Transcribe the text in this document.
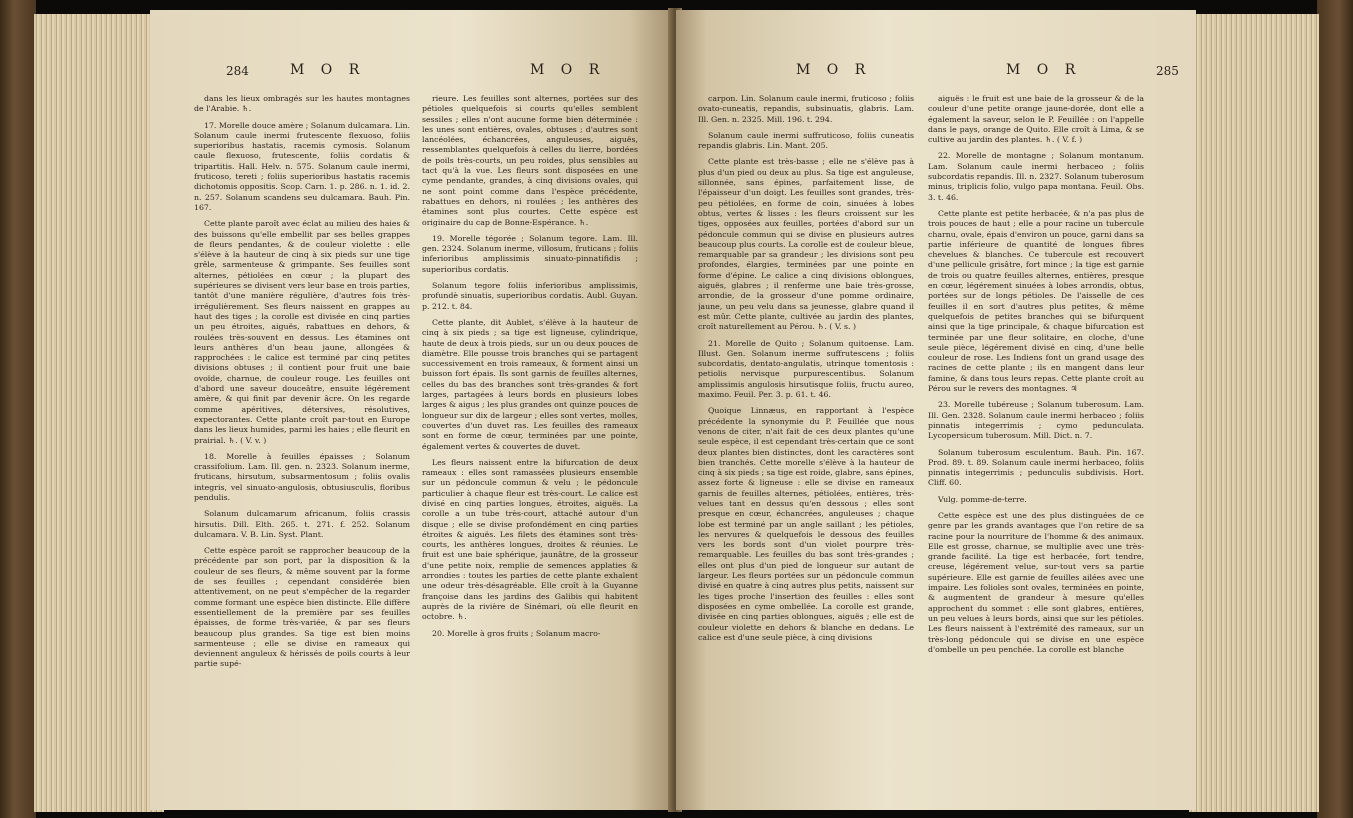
284	M O R	M O R

dans les lieux ombragés sur les hautes montagnes de l'Arabie. ♄.

17. Morelle douce amère ; Solanum dulcamara. Lin. Solanum caule inermi frutescente flexuoso, foliis superioribus hastatis, racemis cymosis. Solanum caule flexuoso, frutescente, foliis cordatis & tripartitis. Hall. Helv. n. 575. Solanum caule inermi, fruticoso, tereti ; foliis superioribus hastatis racemis dichotomis oppositis. Scop. Carn. 1. p. 286. n. 1. id. 2. n. 257. Solanum scandens seu dulcamara. Bauh. Pin. 167.

Cette plante paroît avec éclat au milieu des haies & des buissons qu'elle embellit par ses belles grappes de fleurs pendantes, & de couleur violette : elle s'élève à la hauteur de cinq à six pieds sur une tige grêle, sarmenteuse & grimpante. Ses feuilles sont alternes, pétiolées en cœur ; la plupart des supérieures se divisent vers leur base en trois parties, tantôt d'une manière régulière, d'autres fois très-irrégulièrement. Ses fleurs naissent en grappes au haut des tiges ; la corolle est divisée en cinq parties un peu étroites, aiguës, rabattues en dehors, & roulées très-souvent en dessus. Les étamines ont leurs anthères d'un beau jaune, allongées & rapprochées : le calice est terminé par cinq petites divisions obtuses ; il contient pour fruit une baie ovoïde, charnue, de couleur rouge. Les feuilles ont d'abord une saveur douceâtre, ensuite légérement amère, & qui finit par devenir âcre. On les regarde comme apéritives, détersives, résolutives, expectorantes. Cette plante croît par-tout en Europe dans les lieux humides, parmi les haies ; elle fleurit en prairial. ♄. ( V. v. )

18. Morelle à feuilles épaisses ; Solanum crassifolium. Lam. Ill. gen. n. 2323. Solanum inerme, fruticans, hirsutum, subsarmentosum ; foliis ovalis integris, vel sinuato-angulosis, obtusiusculis, floribus pendulis.

Solanum dulcamarum africanum, foliis crassis hirsutis. Dill. Elth. 265. t. 271. f. 252. Solanum dulcamara. V. B. Lin. Syst. Plant.

Cette espèce paroît se rapprocher beaucoup de la précédente par son port, par la disposition & la couleur de ses fleurs, & même souvent par la forme de ses feuilles ; cependant considérée bien attentivement, on ne peut s'empêcher de la regarder comme formant une espèce bien distincte. Elle diffère essentiellement de la première par ses feuilles épaisses, de forme très-variée, & par ses fleurs beaucoup plus grandes. Sa tige est bien moins sarmenteuse ; elle se divise en rameaux qui deviennent anguleux & hérissés de poils courts à leur partie supé-

rieure. Les feuilles sont alternes, portées sur des pétioles quelquefois si courts qu'elles semblent sessiles ; elles n'ont aucune forme bien déterminée : les unes sont entières, ovales, obtuses ; d'autres sont lancéolées, échancrées, anguleuses, aiguës, ressemblantes quelquefois à celles du lierre, bordées de poils très-courts, un peu roides, plus sensibles au tact qu'à la vue. Les fleurs sont disposées en une cyme pendante, grandes, à cinq divisions ovales, qui ne sont point comme dans l'espèce précédente, rabattues en dehors, ni roulées ; les anthères des étamines sont plus courtes. Cette espèce est originaire du cap de Bonne-Espérance. ♄.

19. Morelle tégorée ; Solanum tegore. Lam. Ill. gen. 2324. Solanum inerme, villosum, fruticans ; foliis inferioribus amplissimis sinuato-pinnatifidis ; superioribus cordatis.

Solanum tegore foliis inferioribus amplissimis, profundè sinuatis, superioribus cordatis. Aubl. Guyan. p. 212. t. 84.

Cette plante, dit Aublet, s'élève à la hauteur de cinq à six pieds ; sa tige est ligneuse, cylindrique, haute de deux à trois pieds, sur un ou deux pouces de diamètre. Elle pousse trois branches qui se partagent successivement en trois rameaux, & forment ainsi un buisson fort épais. Ils sont garnis de feuilles alternes, celles du bas des branches sont très-grandes & fort larges, partagées à leurs bords en plusieurs lobes larges & aigus ; les plus grandes ont quinze pouces de longueur sur dix de largeur ; elles sont vertes, molles, couvertes d'un duvet ras. Les feuilles des rameaux sont en forme de cœur, terminées par une pointe, également vertes & couvertes de duvet.

Les fleurs naissent entre la bifurcation de deux rameaux : elles sont ramassées plusieurs ensemble sur un pédoncule commun & velu ; le pédoncule particulier à chaque fleur est très-court. Le calice est divisé en cinq parties longues, étroites, aiguës. La corolle a un tube très-court, attaché autour d'un disque ; elle se divise profondément en cinq parties étroites & aiguës. Les filets des étamines sont très-courts, les anthères longues, droites & réunies. Le fruit est une baie sphérique, jaunâtre, de la grosseur d'une petite noix, remplie de semences applaties & arrondies : toutes les parties de cette plante exhalent une odeur très-désagréable. Elle croît à la Guyanne françoise dans les jardins des Galibis qui habitent auprès de la rivière de Sinémari, où elle fleurit en octobre. ♄.

20. Morelle à gros fruits ; Solanum macro-

M O R	M O R	285

carpon. Lin. Solanum caule inermi, fruticoso ; foliis ovato-cuneatis, repandis, subsinuatis, glabris. Lam. Ill. Gen. n. 2325. Mill. 196. t. 294.

Solanum caule inermi suffruticoso, foliis cuneatis repandis glabris. Lin. Mant. 205.

Cette plante est très-basse ; elle ne s'élève pas à plus d'un pied ou deux au plus. Sa tige est anguleuse, sillonnée, sans épines, parfaitement lisse, de l'épaisseur d'un doigt. Les feuilles sont grandes, très-peu pétiolées, en forme de coin, sinuées à lobes obtus, vertes & lisses : les fleurs croissent sur les tiges, opposées aux feuilles, portées d'abord sur un pédoncule commun qui se divise en plusieurs autres beaucoup plus courts. La corolle est de couleur bleue, remarquable par sa grandeur ; les divisions sont peu profondes, élargies, terminées par une pointe en forme d'épine. Le calice a cinq divisions oblongues, aiguës, glabres ; il renferme une baie très-grosse, arrondie, de la grosseur d'une pomme ordinaire, jaune, un peu velu dans sa jeunesse, glabre quand il est mûr. Cette plante, cultivée au jardin des plantes, croît naturellement au Pérou. ♄. ( V. s. )

21. Morelle de Quito ; Solanum quitoense. Lam. Illust. Gen. Solanum inerme suffrutescens ; foliis subcordatis, dentato-angulatis, utrinque tomentosis : petiolis nervisque purpurescentibus. Solanum amplissimis angulosis hirsutisque foliis, fructu aureo, maximo. Feuil. Per. 3. p. 61. t. 46.

Quoique Linnæus, en rapportant à l'espèce précédente la synonymie du P. Feuillée que nous venons de citer, n'ait fait de ces deux plantes qu'une seule espèce, il est cependant très-certain que ce sont deux plantes bien distinctes, dont les caractères sont bien tranchés. Cette morelle s'élève à la hauteur de cinq à six pieds ; sa tige est roide, glabre, sans épines, assez forte & ligneuse : elle se divise en rameaux garnis de feuilles alternes, pétiolées, entières, très-velues tant en dessus qu'en dessous ; elles sont presque en cœur, échancrées, anguleuses ; chaque lobe est terminé par un angle saillant ; les pétioles, les nervures & quelquefois le dessous des feuilles vers les bords sont d'un violet pourpre très-remarquable. Les feuilles du bas sont très-grandes ; elles ont plus d'un pied de longueur sur autant de largeur. Les fleurs portées sur un pédoncule commun divisé en quatre à cinq autres plus petits, naissent sur les tiges proche l'insertion des feuilles : elles sont disposées en cyme ombellée. La corolle est grande, divisée en cinq parties oblongues, aiguës ; elle est de couleur violette en dehors & blanche en dedans. Le calice est d'une seule pièce, à cinq divisions

aiguës : le fruit est une baie de la grosseur & de la couleur d'une petite orange jaune-dorée, dont elle a également la saveur, selon le P. Feuillée : on l'appelle dans le pays, orange de Quito. Elle croît à Lima, & se cultive au jardin des plantes. ♄. ( V. f. )

22. Morelle de montagne ; Solanum montanum. Lam. Solanum caule inermi herbaceo ; foliis subcordatis repandis. Ill. n. 2327. Solanum tuberosum minus, triplicis folio, vulgo papa montana. Feuil. Obs. 3. t. 46.

Cette plante est petite herbacée, & n'a pas plus de trois pouces de haut ; elle a pour racine un tubercule charnu, ovale, épais d'environ un pouce, garni dans sa partie inférieure de quantité de longues fibres chevelues & blanches. Ce tubercule est recouvert d'une pellicule grisâtre, fort mince ; la tige est garnie de trois ou quatre feuilles alternes, entières, presque en cœur, légérement sinuées à lobes arrondis, obtus, portées sur de longs pétioles. De l'aisselle de ces feuilles il en sort d'autres plus petites, & même quelquefois de petites branches qui se bifurquent ainsi que la tige principale, & chaque bifurcation est terminée par une fleur solitaire, en cloche, d'une seule pièce, légérement divisé en cinq, d'une belle couleur de rose. Les Indiens font un grand usage des racines de cette plante ; ils en mangent dans leur famine, & dans tous leurs repas. Cette plante croît au Pérou sur le revers des montagnes. ♃

23. Morelle tubéreuse ; Solanum tuberosum. Lam. Ill. Gen. 2328. Solanum caule inermi herbaceo ; foliis pinnatis integerrimis ; cymo pedunculata. Lycopersicum tuberosum. Mill. Dict. n. 7.

Solanum tuberosum esculentum. Bauh. Pin. 167. Prod. 89. t. 89. Solanum caule inermi herbaceo, foliis pinnatis integerrimis ; pedunculis subdivisis. Hort. Cliff. 60.

Vulg. pomme-de-terre.

Cette espèce est une des plus distinguées de ce genre par les grands avantages que l'on retire de sa racine pour la nourriture de l'homme & des animaux. Elle est grosse, charnue, se multiplie avec une très-grande facilité. La tige est herbacée, fort tendre, creuse, légérement velue, sur-tout vers sa partie supérieure. Elle est garnie de feuilles ailées avec une impaire. Les folioles sont ovales, terminées en pointe, & augmentent de grandeur à mesure qu'elles approchent du sommet : elle sont glabres, entières, un peu velues à leurs bords, ainsi que sur les pétioles. Les fleurs naissent à l'extrémité des rameaux, sur un très-long pédoncule qui se divise en une espèce d'ombelle un peu penchée. La corolle est blanche
